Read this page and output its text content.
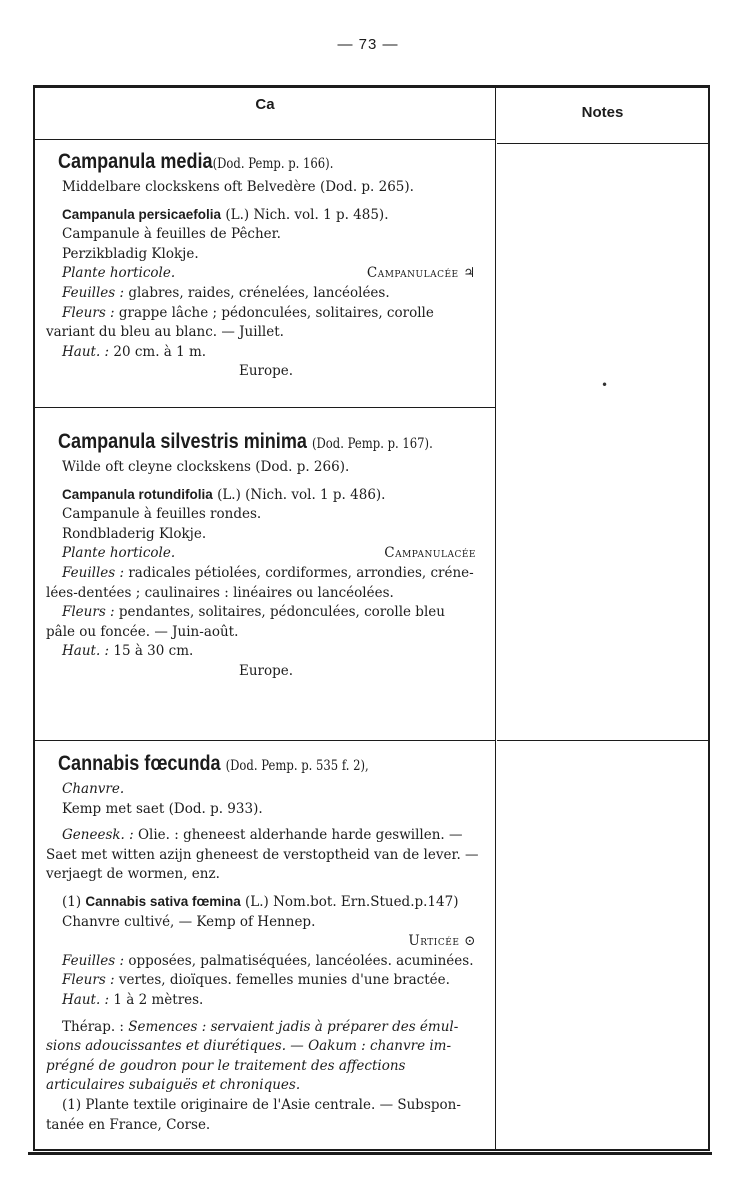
— 73 —
Ca	Notes
•
Campanula media(Dod. Pemp. p. 166).
Middelbare clockskens oft Belvedère (Dod. p. 265).
Campanula persicaefolia (L.) Nich. vol. 1 p. 485).
Campanule à feuilles de Pêcher.
Perzikbladig Klokje.
Plante horticole.	Campanulacée ♃
Feuilles : glabres, raides, crénelées, lancéolées.
Fleurs : grappe lâche ; pédonculées, solitaires, corolle
variant du bleu au blanc. — Juillet.
Haut. : 20 cm. à 1 m.
Europe.
Campanula silvestris minima (Dod. Pemp. p. 167).
Wilde oft cleyne clockskens (Dod. p. 266).
Campanula rotundifolia (L.) (Nich. vol. 1 p. 486).
Campanule à feuilles rondes.
Rondbladerig Klokje.
Plante horticole.	Campanulacée
Feuilles : radicales pétiolées, cordiformes, arrondies, créne-
lées-dentées ; caulinaires : linéaires ou lancéolées.
Fleurs : pendantes, solitaires, pédonculées, corolle bleu
pâle ou foncée. — Juin-août.
Haut. : 15 à 30 cm.
Europe.
Cannabis fœcunda (Dod. Pemp. p. 535 f. 2),
Chanvre.
Kemp met saet (Dod. p. 933).
Geneesk. : Olie. : gheneest alderhande harde geswillen. —
Saet met witten azijn gheneest de verstoptheid van de lever. —
verjaegt de wormen, enz.
(1) Cannabis sativa fœmina (L.) Nom.bot. Ern.Stued.p.147)
Chanvre cultivé, — Kemp of Hennep.
Urticée ⊙

Feuilles : opposées, palmatiséquées, lancéolées. acuminées.
Fleurs : vertes, dioïques. femelles munies d'une bractée.
Haut. : 1 à 2 mètres.
Thérap. : Semences : servaient jadis à préparer des émul-
sions adoucissantes et diurétiques. — Oakum : chanvre im-
prégné de goudron pour le traitement des affections
articulaires subaiguës et chroniques.
(1) Plante textile originaire de l'Asie centrale. — Subspon-
tanée en France, Corse.
